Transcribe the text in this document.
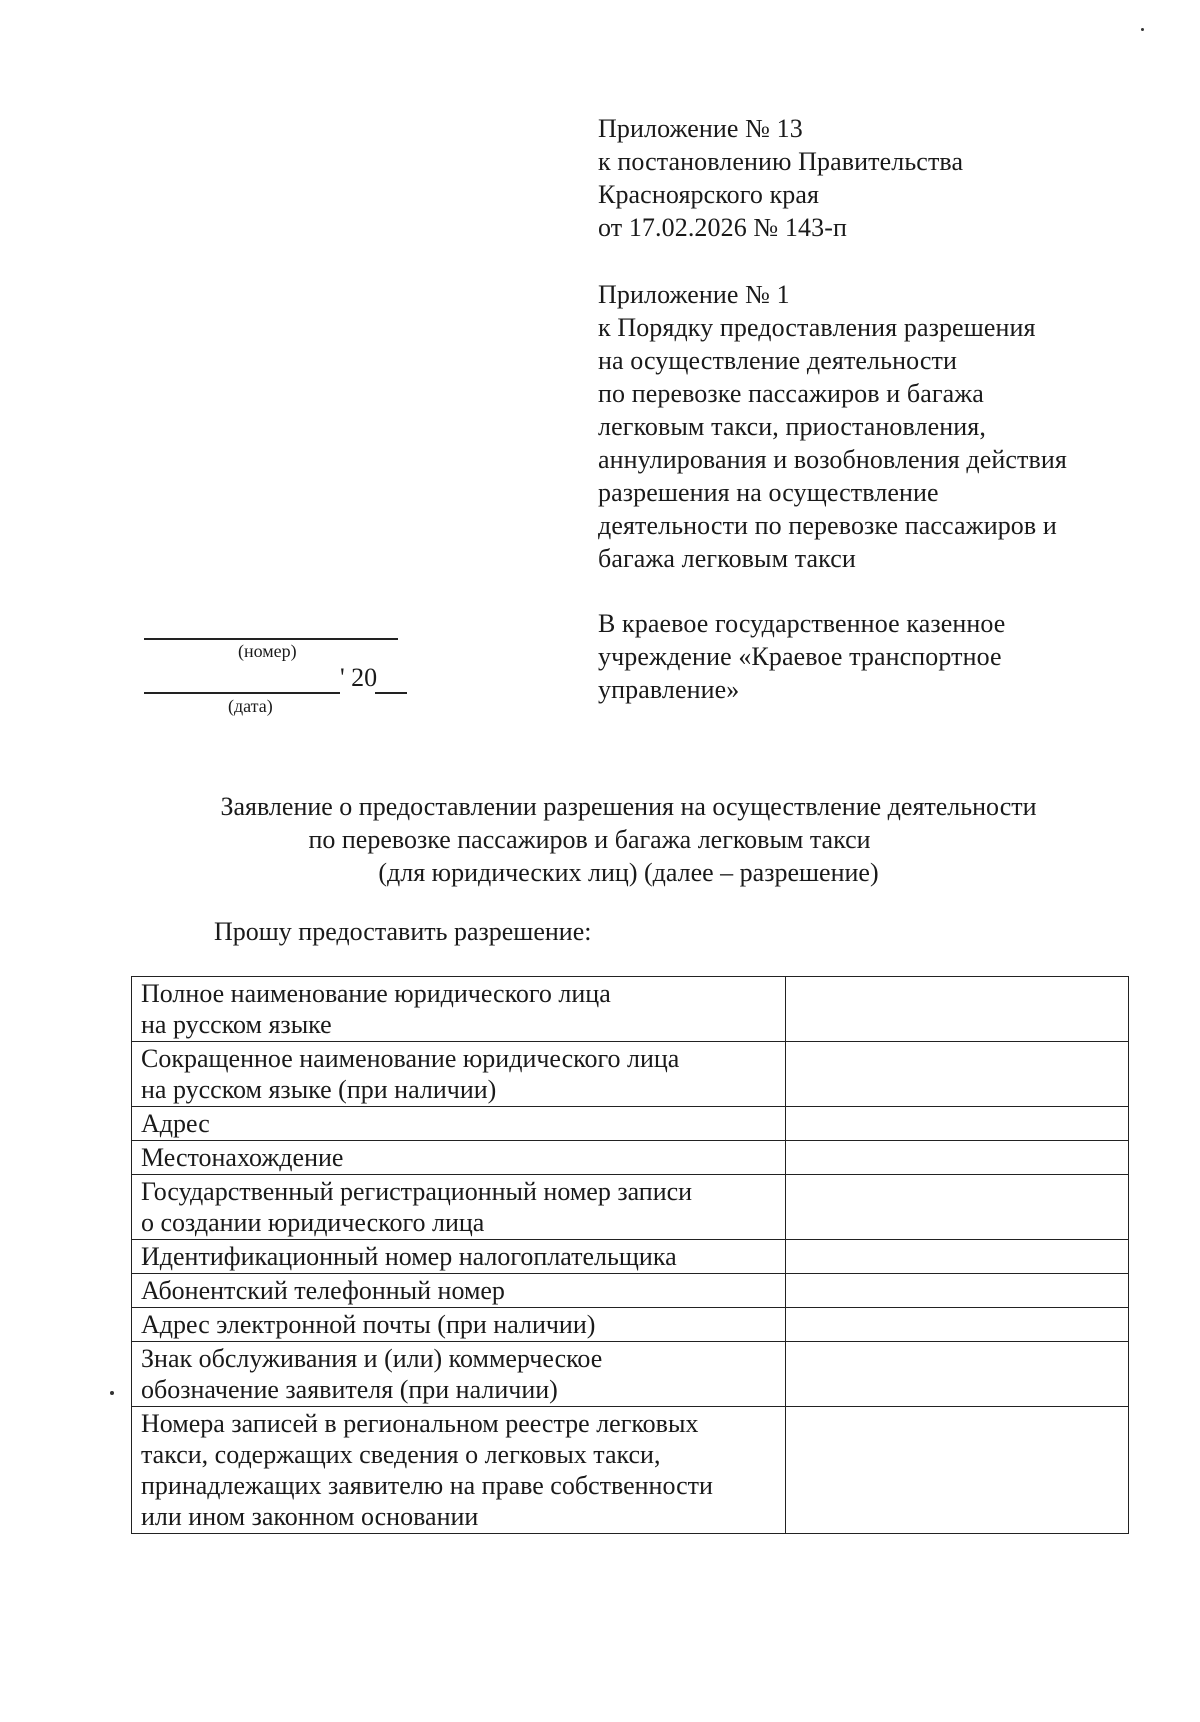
Приложение № 13
к постановлению Правительства
Красноярского края
от 17.02.2026 № 143-п
Приложение № 1
к Порядку предоставления разрешения
на осуществление деятельности
по перевозке пассажиров и багажа
легковым такси, приостановления,
аннулирования и возобновления действия
разрешения на осуществление
деятельности по перевозке пассажиров и
багажа легковым такси
В краевое государственное казенное
учреждение «Краевое транспортное
управление»
(номер)
' 20
(дата)
Заявление о предоставлении разрешения на осуществление деятельности
по перевозке пассажиров и багажа легковым такси
(для юридических лиц) (далее – разрешение)
Прошу предоставить разрешение:
Полное наименование юридического лица
на русском языке	

Сокращенное наименование юридического лица
на русском языке (при наличии)	

Адрес	

Местонахождение	

Государственный регистрационный номер записи
о создании юридического лица	

Идентификационный номер налогоплательщика	

Абонентский телефонный номер	

Адрес электронной почты (при наличии)	

Знак обслуживания и (или) коммерческое
обозначение заявителя (при наличии)	

Номера записей в региональном реестре легковых
такси, содержащих сведения о легковых такси,
принадлежащих заявителю на праве собственности
или ином законном основании	
